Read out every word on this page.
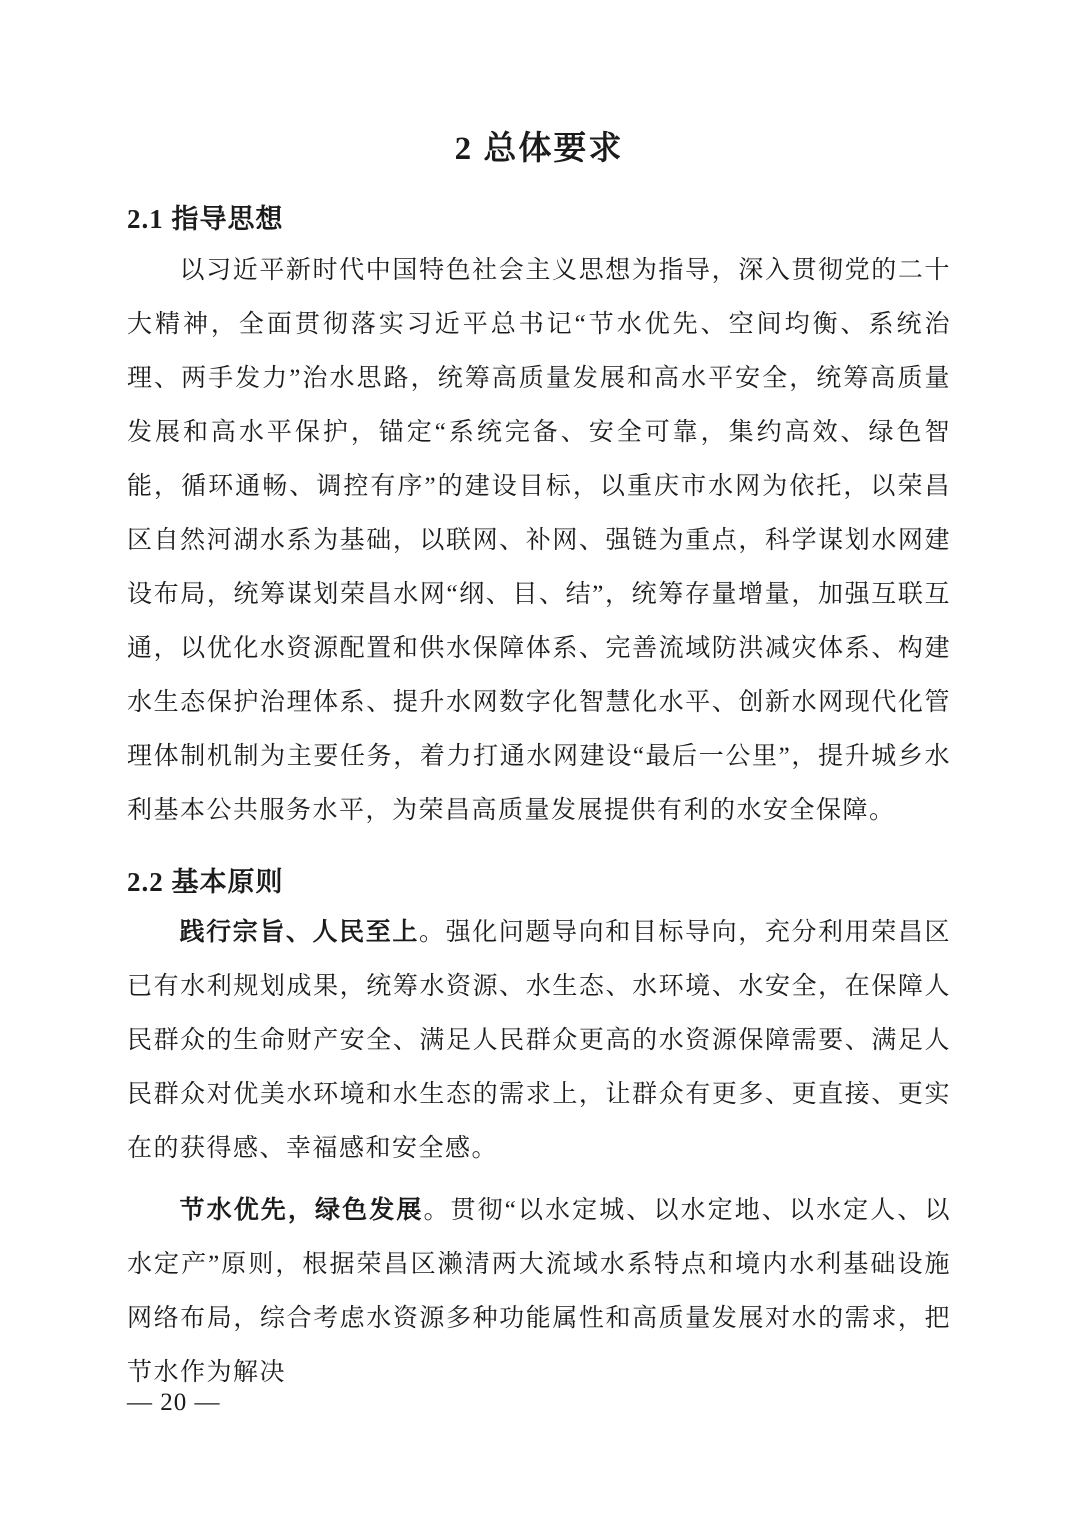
2 总体要求
2.1 指导思想

以习近平新时代中国特色社会主义思想为指导，深入贯彻党的二十大精神，全面贯彻落实习近平总书记“节水优先、空间均衡、系统治理、两手发力”治水思路，统筹高质量发展和高水平安全，统筹高质量发展和高水平保护，锚定“系统完备、安全可靠，集约高效、绿色智能，循环通畅、调控有序”的建设目标，以重庆市水网为依托，以荣昌区自然河湖水系为基础，以联网、补网、强链为重点，科学谋划水网建设布局，统筹谋划荣昌水网“纲、目、结”，统筹存量增量，加强互联互通，以优化水资源配置和供水保障体系、完善流域防洪减灾体系、构建水生态保护治理体系、提升水网数字化智慧化水平、创新水网现代化管理体制机制为主要任务，着力打通水网建设“最后一公里”，提升城乡水利基本公共服务水平，为荣昌高质量发展提供有利的水安全保障。

2.2 基本原则

践行宗旨、人民至上。强化问题导向和目标导向，充分利用荣昌区已有水利规划成果，统筹水资源、水生态、水环境、水安全，在保障人民群众的生命财产安全、满足人民群众更高的水资源保障需要、满足人民群众对优美水环境和水生态的需求上，让群众有更多、更直接、更实在的获得感、幸福感和安全感。

节水优先，绿色发展。贯彻“以水定城、以水定地、以水定人、以水定产”原则，根据荣昌区濑清两大流域水系特点和境内水利基础设施网络布局，综合考虑水资源多种功能属性和高质量发展对水的需求，把节水作为解决

— 20 —
